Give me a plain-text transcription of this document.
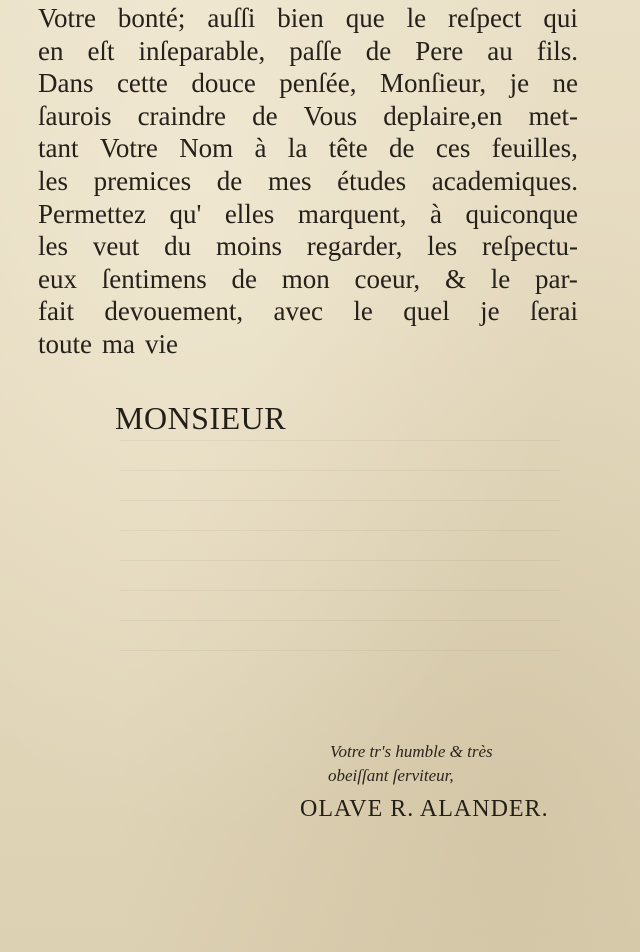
Votre bonté; auſſi bien que le reſpect qui
en eſt inſeparable, paſſe de Pere au fils.
Dans cette douce penſée, Monſieur, je ne
ſaurois craindre de Vous deplaire,en met-
tant Votre Nom à la tête de ces feuilles,
les premices de mes études academiques.
Permettez qu' elles marquent, à quiconque
les veut du moins regarder, les reſpectu-
eux ſentimens de mon coeur, & le par-
fait devouement, avec le quel je ſerai
toute ma vie
MONSIEUR
Votre tr's humble & très
obeiſſant ſerviteur,
OLAVE R. ALANDER.
